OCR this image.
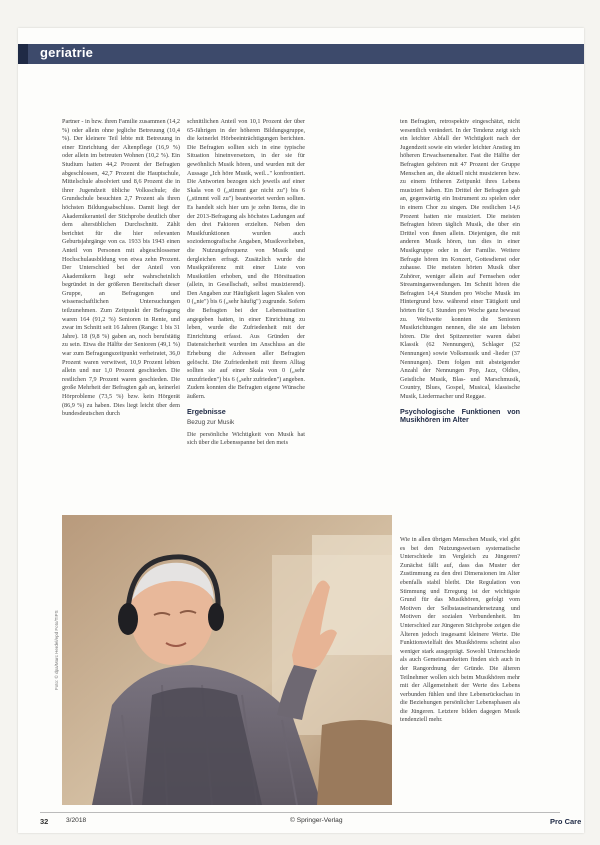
geriatrie

Partner - in bzw. ihren Familie zusammen (14,2 %) oder allein ohne jegliche Betreuung (10,4 %). Der kleinere Teil lebte mit Betreuung in einer Einrichtung der Altenpflege (16,9 %) oder allein im betreuten Wohnen (10,2 %). Ein Studium hatten 44,2 Prozent der Befragten abgeschlossen, 42,7 Prozent die Hauptschule, Mittelschule absolviert und 8,6 Prozent die in ihrer Jugendzeit übliche Volksschule; die Grundschule besuchten 2,7 Prozent als ihren höchsten Bildungsabschluss. Damit liegt der Akademikeranteil der Stichprobe deutlich über dem altersüblichen Durchschnitt. Zählt berichtet für die hier relevanten Geburtsjahrgänge von ca. 1933 bis 1943 einen Anteil von Personen mit abgeschlossener Hochschulausbildung von etwa zehn Prozent. Der Unterschied bei der Anteil von Akademikern liegt sehr wahrscheinlich begründet in der größeren Bereitschaft dieser Gruppe, an Befragungen und wissenschaftlichen Untersuchungen teilzunehmen. Zum Zeitpunkt der Befragung waren 164 (91,2 %) Senioren in Rente, und zwar im Schnitt seit 16 Jahren (Range: 1 bis 31 Jahre). 18 (9,8 %) gaben an, noch berufstätig zu sein. Etwa die Hälfte der Senioren (49,1 %) war zum Befragungszeitpunkt verheiratet, 36,0 Prozent waren verwitwet, 10,9 Prozent lebten allein und nur 1,0 Prozent geschieden. Die restlichen 7,9 Prozent waren geschieden. Die große Mehrheit der Befragten gab an, keinerlei Hörprobleme (73,5 %) bzw. kein Hörgerät (86,9 %) zu haben. Dies liegt leicht über dem bundesdeutschen durch

schnittlichen Anteil von 10,1 Prozent der über 65-Jährigen in der höheren Bildungsgruppe, die keinerlei Hörbeeinträchtigungen berichten. Die Befragten sollten sich in eine typische Situation hineinversetzen, in der sie für gewöhnlich Musik hören, und wurden mit der Aussage „Ich höre Musik, weil..." konfrontiert. Die Antworten bezogen sich jeweils auf einer Skala von 0 („stimmt gar nicht zu") bis 6 („stimmt voll zu") beantwortet werden sollten. Es handelt sich hier um je zehn Items, die in der 2013-Befragung als höchstes Ladungen auf den drei Faktoren erzielten. Neben den Musikfunktionen wurden auch soziodemografische Angaben, Musikvorlieben, die Nutzungsfrequenz von Musik und dergleichen erfragt. Zusätzlich wurde die Musikpräferenz mit einer Liste von Musikstilen erhoben, und die Hörsituation (allein, in Gesellschaft, selbst musizierend). Den Angaben zur Häufigkeit lagen Skalen von 0 („nie") bis 6 („sehr häufig") zugrunde. Sofern die Befragten bei der Lebenssituation angegeben hatten, in einer Einrichtung zu leben, wurde die Zufriedenheit mit der Einrichtung erfasst. Aus Gründen der Datensicherheit wurden im Anschluss an die Erhebung die Adressen aller Befragten gelöscht. Die Zufriedenheit mit ihrem Alltag sollten sie auf einer Skala von 0 („sehr unzufrieden") bis 6 („sehr zufrieden") angeben. Zudem konnten die Befragten eigene Wünsche äußern.

Ergebnisse
Bezug zur Musik

Die persönliche Wichtigkeit von Musik hat sich über die Lebensspanne bei den meis

ten Befragten, retrospektiv eingeschätzt, nicht wesentlich verändert. In der Tendenz zeigt sich ein leichter Abfall der Wichtigkeit nach der Jugendzeit sowie ein wieder leichter Anstieg im höheren Erwachsenenalter. Fast die Hälfte der Befragten gehören mit 47 Prozent der Gruppe Menschen an, die aktuell nicht musizieren bzw. zu einem früheren Zeitpunkt ihres Lebens musiziert haben. Ein Drittel der Befragten gab an, gegenwärtig ein Instrument zu spielen oder in einem Chor zu singen. Die restlichen 14,6 Prozent hatten nie musiziert. Die meisten Befragten hören täglich Musik, die über ein Drittel von ihnen allein. Diejenigen, die mit anderen Musik hören, tun dies in einer Musikgruppe oder in der Familie. Weitere Befragte hören im Konzert, Gottesdienst oder zuhause. Die meisten hörten Musik über Zuhörer, weniger allein auf Fernsehen oder Streaminganwendungen. Im Schnitt hören die Befragten 14,4 Stunden pro Woche Musik im Hintergrund bzw. während einer Tätigkeit und hörten für 6,1 Stunden pro Woche ganz bewusst zu. Weltweite konnten die Senioren Musikrichtungen nennen, die sie am liebsten hören. Die drei Spitzenreiter waren dabei Klassik (62 Nennungen), Schlager (52 Nennungen) sowie Volksmusik und -lieder (37 Nennungen). Dem folgen mit absteigender Anzahl der Nennungen Pop, Jazz, Oldies, Geistliche Musik, Blas- und Marschmusik, Country, Blues, Gospel, Musical, klassische Musik, Liedermacher und Reggae.

Psychologische Funktionen von Musikhören im Alter

Wie in allen übrigen Menschen Musik, viel gibt es bei den Nutzungsweisen systematische Unterschiede im Vergleich zu Jüngeren? Zunächst fällt auf, dass das Muster der Zustimmung zu den drei Dimensionen im Alter ebenfalls stabil bleibt. Die Regulation von Stimmung und Erregung ist der wichtigste Grund für das Musikhören, gefolgt vom Motiven der Selbstauseinandersetzung und Motiven der sozialen Verbundenheit. Im Unterschied zur Jüngeren Stichprobe zeigen die Älteren jedoch insgesamt kleinere Werte. Die Funktionsvielfalt des Musikhörens scheint also weniger stark ausgeprägt. Sowohl Unterschiede als auch Gemeinsamkeiten finden sich auch in der Rangordnung der Gründe. Die älteren Teilnehmer wollen sich beim Musikhören mehr mit der Allgemeinheit der Werte des Lebens verbunden fühlen und ihre Lebensrückschau in die Beziehungen persönlicher Lebensphasen als die Jüngeren. Letztere bilden dagegen Musik tendenziell mehr.

Foto: © dpa/Marc Herdel/epd Foto/TIPS
32	3/2018	© Springer-Verlag	Pro Care
